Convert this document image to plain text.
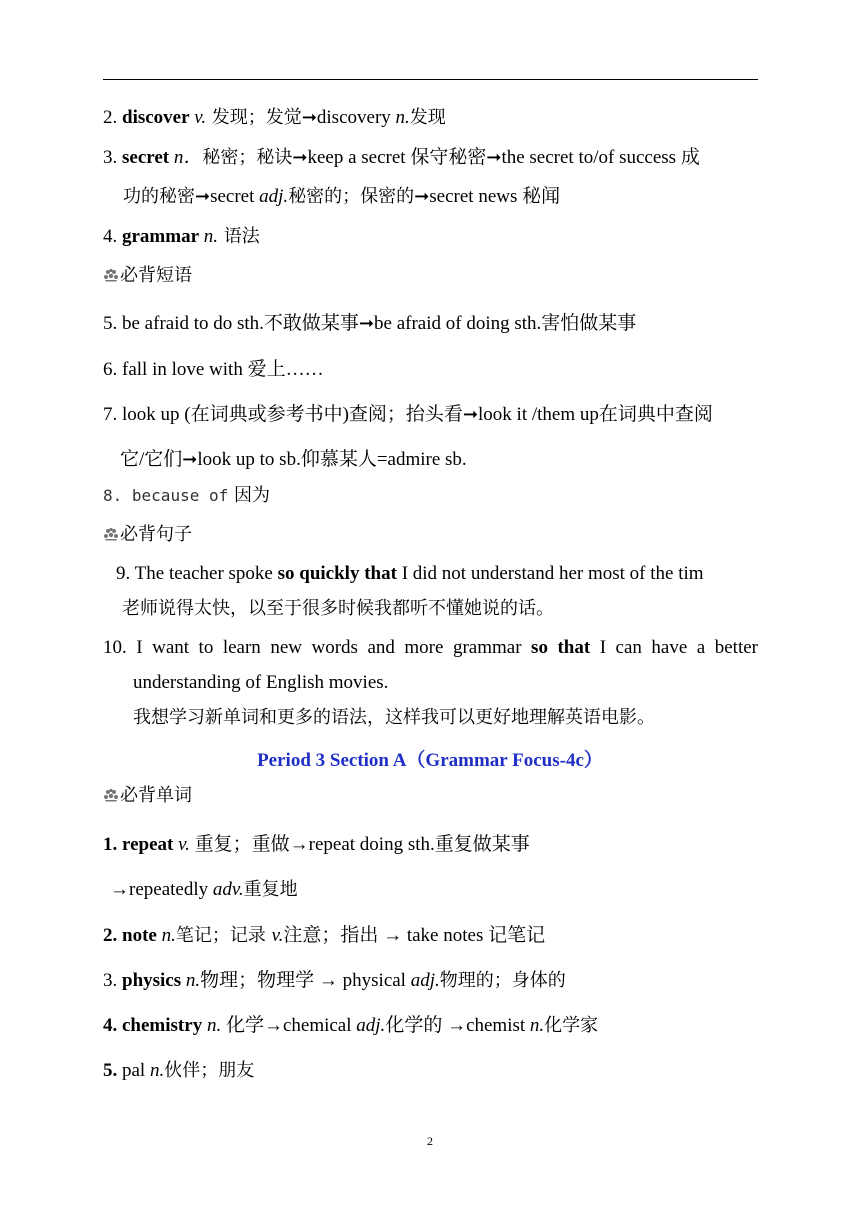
2. discover v. 发现；发觉➞discovery n.发现
3. secret n．秘密；秘诀➞keep a secret 保守秘密➞the secret to/of success 成
功的秘密➞secret adj.秘密的；保密的➞secret news 秘闻
4. grammar n. 语法
必背短语
5. be afraid to do sth.不敢做某事➞be afraid of doing sth.害怕做某事
6. fall in love with 爱上……
7. look up (在词典或参考书中)查阅；抬头看➞look it /them up在词典中查阅
它/它们➞look up to sb.仰慕某人=admire sb.
8. because of 因为
必背句子
9. The teacher spoke so quickly that I did not understand her most of the tim
老师说得太快，以至于很多时候我都听不懂她说的话。
10. I want to learn new words and more grammar so that I can have a better
understanding of English movies.
我想学习新单词和更多的语法，这样我可以更好地理解英语电影。
Period 3 Section A（Grammar Focus-4c）
必背单词
1. repeat v. 重复；重做→repeat doing sth.重复做某事
→repeatedly adv.重复地
2. note n.笔记；记录 v.注意；指出 → take notes 记笔记
3. physics n.物理；物理学 → physical adj.物理的；身体的
4. chemistry n. 化学→chemical adj.化学的 →chemist n.化学家
5. pal n.伙伴；朋友
2
